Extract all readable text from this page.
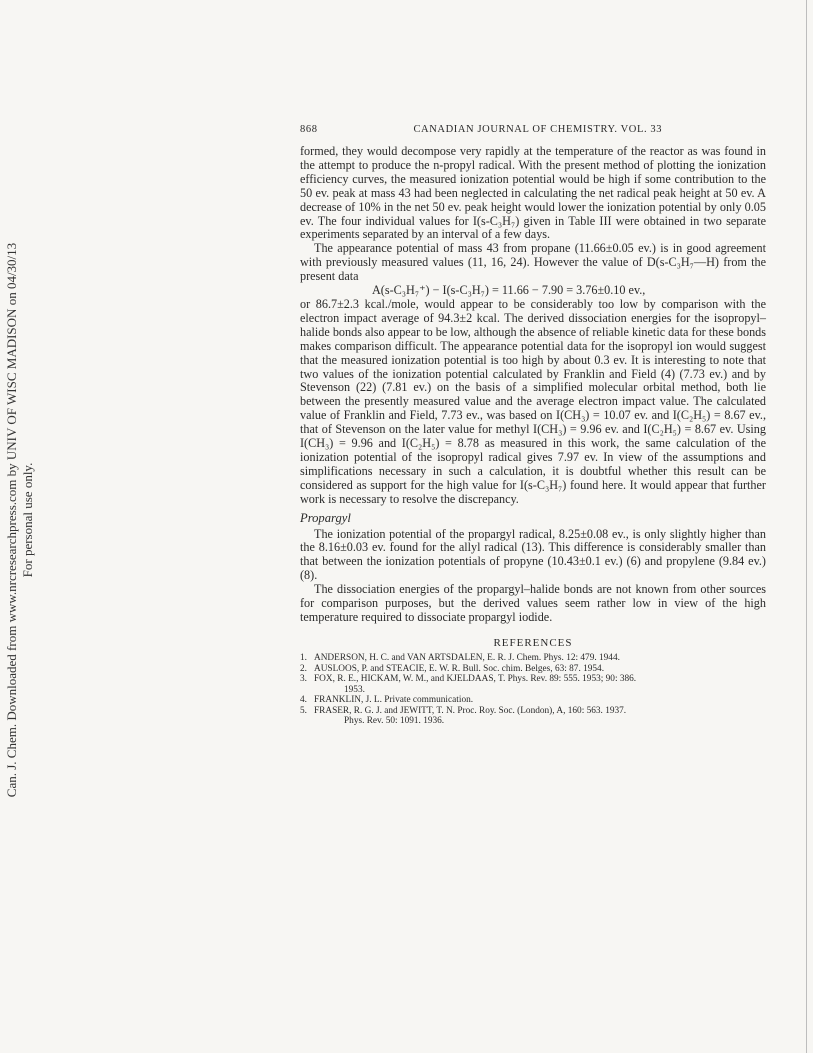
Can. J. Chem. Downloaded from www.nrcresearchpress.com by UNIV OF WISC MADISON on 04/30/13 For personal use only.
868	CANADIAN JOURNAL OF CHEMISTRY. VOL. 33

formed, they would decompose very rapidly at the temperature of the reactor as was found in the attempt to produce the n-propyl radical. With the present method of plotting the ionization efficiency curves, the measured ionization potential would be high if some contribution to the 50 ev. peak at mass 43 had been neglected in calculating the net radical peak height at 50 ev. A decrease of 10% in the net 50 ev. peak height would lower the ionization potential by only 0.05 ev. The four individual values for I(s-C₃H₇) given in Table III were obtained in two separate experiments separated by an interval of a few days.

The appearance potential of mass 43 from propane (11.66±0.05 ev.) is in good agreement with previously measured values (11, 16, 24). However the value of D(s-C₃H₇—H) from the present data

A(s-C₃H₇⁺) − I(s-C₃H₇) = 11.66 − 7.90 = 3.76±0.10 ev.,

or 86.7±2.3 kcal./mole, would appear to be considerably too low by comparison with the electron impact average of 94.3±2 kcal. The derived dissociation energies for the isopropyl–halide bonds also appear to be low, although the absence of reliable kinetic data for these bonds makes comparison difficult. The appearance potential data for the isopropyl ion would suggest that the measured ionization potential is too high by about 0.3 ev. It is interesting to note that two values of the ionization potential calculated by Franklin and Field (4) (7.73 ev.) and by Stevenson (22) (7.81 ev.) on the basis of a simplified molecular orbital method, both lie between the presently measured value and the average electron impact value. The calculated value of Franklin and Field, 7.73 ev., was based on I(CH₃) = 10.07 ev. and I(C₂H₅) = 8.67 ev., that of Stevenson on the later value for methyl I(CH₃) = 9.96 ev. and I(C₂H₅) = 8.67 ev. Using I(CH₃) = 9.96 and I(C₂H₅) = 8.78 as measured in this work, the same calculation of the ionization potential of the isopropyl radical gives 7.97 ev. In view of the assumptions and simplifications necessary in such a calculation, it is doubtful whether this result can be considered as support for the high value for I(s-C₃H₇) found here. It would appear that further work is necessary to resolve the discrepancy.

Propargyl

The ionization potential of the propargyl radical, 8.25±0.08 ev., is only slightly higher than the 8.16±0.03 ev. found for the allyl radical (13). This difference is considerably smaller than that between the ionization potentials of propyne (10.43±0.1 ev.) (6) and propylene (9.84 ev.) (8).

The dissociation energies of the propargyl–halide bonds are not known from other sources for comparison purposes, but the derived values seem rather low in view of the high temperature required to dissociate propargyl iodide.

REFERENCES
1. ANDERSON, H. C. and VAN ARTSDALEN, E. R. J. Chem. Phys. 12: 479. 1944.
2. AUSLOOS, P. and STEACIE, E. W. R. Bull. Soc. chim. Belges, 63: 87. 1954.
3. FOX, R. E., HICKAM, W. M., and KJELDAAS, T. Phys. Rev. 89: 555. 1953; 90: 386.
1953.
4. FRANKLIN, J. L. Private communication.
5. FRASER, R. G. J. and JEWITT, T. N. Proc. Roy. Soc. (London), A, 160: 563. 1937.
Phys. Rev. 50: 1091. 1936.
